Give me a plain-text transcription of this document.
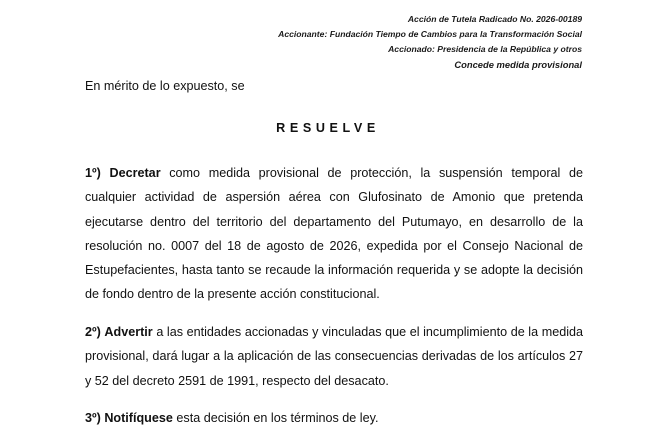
Acción de Tutela Radicado No. 2026-00189
Accionante: Fundación Tiempo de Cambios para la Transformación Social
Accionado: Presidencia de la República y otros
Concede medida provisional
En mérito de lo expuesto, se
RESUELVE
1º) Decretar como medida provisional de protección, la suspensión temporal de cualquier actividad de aspersión aérea con Glufosinato de Amonio que pretenda ejecutarse dentro del territorio del departamento del Putumayo, en desarrollo de la resolución no. 0007 del 18 de agosto de 2026, expedida por el Consejo Nacional de Estupefacientes, hasta tanto se recaude la información requerida y se adopte la decisión de fondo dentro de la presente acción constitucional.
2º) Advertir a las entidades accionadas y vinculadas que el incumplimiento de la medida provisional, dará lugar a la aplicación de las consecuencias derivadas de los artículos 27 y 52 del decreto 2591 de 1991, respecto del desacato.
3º) Notifíquese esta decisión en los términos de ley.
